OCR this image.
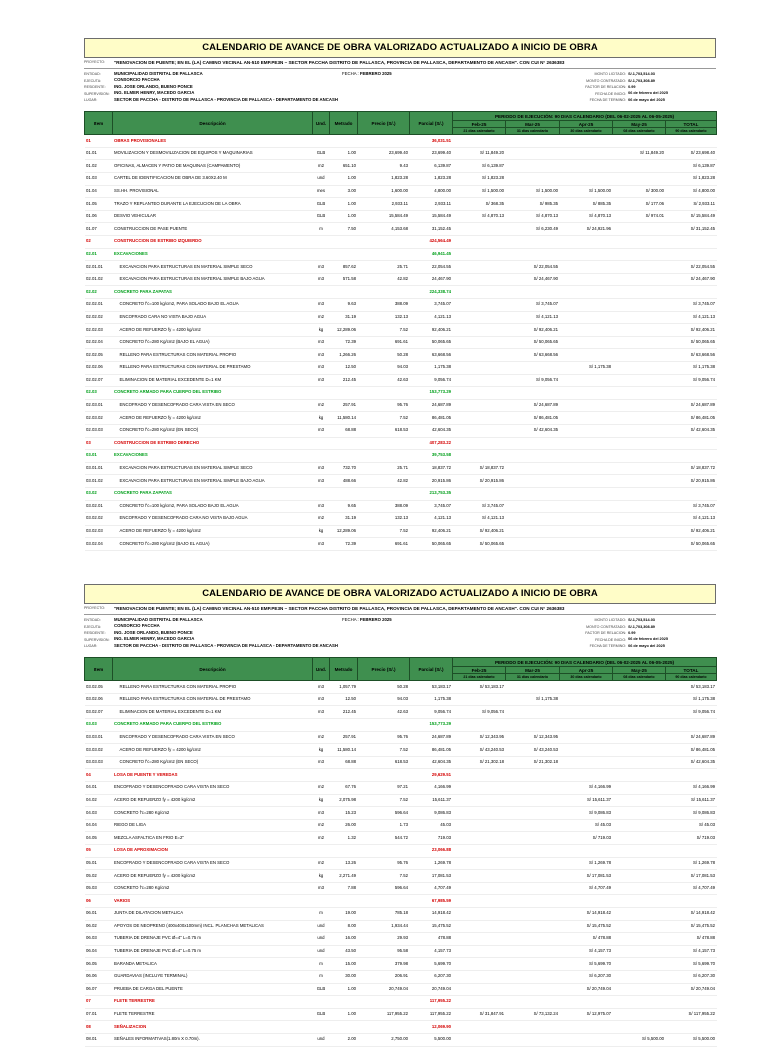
CALENDARIO DE AVANCE DE OBRA VALORIZADO ACTUALIZADO A INICIO DE OBRA
PROYECTO:	"RENOVACION DE PUENTE; EN EL (LA) CAMINO VECINAL AN-510 EMP.PE3N – SECTOR PACCHA DISTRITO DE PALLASCA, PROVINCIA DE PALLASCA, DEPARTAMENTO DE ANCASH". CON CUI N° 2636383
ENTIDAD:	MUNICIPALIDAD DISTRITAL DE PALLASCA
EJECUTA:	CONSORCIO PACCHA
RESIDENTE:	ING. JOSE ORLANDO, BUENO PONCE
SUPERVISION:	ING. ELMER HENRY, MACEDO GARCIA
LUGAR:	SECTOR DE PACCHA - DISTRITO DE PALLASCA - PROVINCIA DE PALLASCA - DEPARTAMENTO DE ANCASH
FECHA : FEBRERO 2025	MONTO LICITADO: S/.1,703,514.03
MONTO CONTRATADO: S/.1,703,308.89
FACTOR DE RELACION: 0.99
FECHA DE INICIO: 06 de febrero del 2025
FECHA DE TERMINO: 06 de mayo del 2025
Item	Descripción	Und.	Metrado	Precio (S/.)	Parcial (S/.)	PERIODO DE EJECUCIÓN: 90 DIAS CALENDARIO (DEL 06-02-2025 AL 06-05-2025)				
						Feb-25	Mar-25	Apr-25	May-25	TOTAL
						21 dias calendario	31 dias calendario	30 dias calendario	08 dias calendario	90 dias calendario
01	OBRAS PROVISIONALES				36,031.51					
01.01	MOVILIZACION Y DESMOVILIZACION DE EQUIPOS Y MAQUINARIAS	GLB	1.00	23,699.40	23,699.40	S/ 11,849.20			S/ 11,849.20	S/ 23,698.40
01.02	OFICINAS, ALMACEN Y PATIO DE MAQUINAS (CAMPAMENTO)	m2	651.10	9.43	6,139.87	S/ 6,139.87				S/ 6,139.87
01.03	CARTEL DE IDENTIFICACION DE OBRA DE 3.60X2.40 M	und	1.00	1,823.28	1,823.28	S/ 1,823.28				S/ 1,823.28
01.04	SS.HH. PROVISIONAL	mes	3.00	1,600.00	4,800.00	S/ 1,500.00	S/ 1,500.00	S/ 1,500.00	S/ 300.00	S/ 4,800.00
01.05	TRAZO Y REPLANTEO DURANTE LA EJECUCION DE LA OBRA	GLB	1.00	2,933.11	2,933.11	S/ 368.35	S/ 985.35	S/ 885.35	S/ 177.06	S/ 2,933.11
01.06	DESVIO VEHICULAR	GLB	1.00	15,584.49	15,584.49	S/ 4,870.13	S/ 4,870.13	S/ 4,870.13	S/ 974.01	S/ 15,584.49
01.07	CONSTRUCCION DE PASE PUENTE	m	7.50	4,153.68	31,152.45		S/ 6,230.49	S/ 24,921.96		S/ 31,152.45
02	CONSTRUCCION DE ESTRIBO IZQUIERDO				424,564.49					
02.01	EXCAVACIONES				46,941.45					
02.01.01	EXCAVACION PARA ESTRUCTURAS EN MATERIAL SIMPLE SECO	m3	857.62	25.71	22,054.55		S/ 22,054.55			S/ 22,054.55
02.01.02	EXCAVACION PARA ESTRUCTURAS EN MATERIAL SIMPLE BAJO AGUA	m3	571.58	42.82	24,467.90		S/ 24,467.90			S/ 24,467.90
02.02	CONCRETO PARA ZAPATAS				224,338.74					
02.02.01	CONCRETO f'c=100 kg/cm2, PARA SOLADO BAJO EL AGUA	m3	9.63	388.09	3,745.07		S/ 3,745.07			S/ 3,745.07
02.02.02	ENCOFRADO CARA NO VISTA BAJO AGUA	m2	31.19	132.13	4,121.13		S/ 4,121.13			S/ 4,121.13
02.02.03	ACERO DE REFUERZO fy = 4200 kg/cm2	kg	12,289.06	7.52	92,406.21		S/ 92,406.21			S/ 92,406.21
02.02.04	CONCRETO f'c=280 Kg/cm2 (BAJO EL AGUA)	m3	72.39	691.61	50,065.65		S/ 50,065.65			S/ 50,065.65
02.02.05	RELLENO PARA ESTRUCTURAS CON MATERIAL PROPIO	m3	1,266.26	50.28	63,668.56		S/ 63,668.56			S/ 63,668.56
02.02.06	RELLENO PARA ESTRUCTURAS CON MATERIAL DE PRESTAMO	m3	12.50	94.03	1,175.38			S/ 1,175.38		S/ 1,175.38
02.02.07	ELIMINACION DE MATERIAL EXCEDENTE D=1 KM	m3	212.45	42.63	9,056.74		S/ 9,056.74			S/ 9,056.74
02.03	CONCRETO ARMADO PARA CUERPO DEL ESTRIBO				153,773.29					
02.03.01	ENCOFRADO Y DESENCOFRADO CARA VISTA EN SECO	m2	257.91	95.76	24,687.89		S/ 24,687.89			S/ 24,687.89
02.03.02	ACERO DE REFUERZO fy = 4200 kg/cm2	kg	11,580.14	7.52	86,481.05		S/ 86,481.05			S/ 86,481.05
02.03.03	CONCRETO f'c=280 Kg/cm2 (EN SECO)	m3	68.88	618.53	42,604.35		S/ 42,604.35			S/ 42,604.35
03	CONSTRUCCION DE ESTRIBO DERECHO				407,283.22					
03.01	EXCAVACIONES				39,753.58					
03.01.01	EXCAVACION PARA ESTRUCTURAS EN MATERIAL SIMPLE SECO	m3	732.70	25.71	18,837.72	S/ 18,837.72				S/ 18,837.72
03.01.02	EXCAVACION PARA ESTRUCTURAS EN MATERIAL SIMPLE BAJO AGUA	m3	488.66	42.82	20,915.86	S/ 20,915.86				S/ 20,915.86
03.02	CONCRETO PARA ZAPATAS				213,753.35					
03.02.01	CONCRETO f'c=100 kg/cm2, PARA SOLADO BAJO EL AGUA	m3	9.65	388.09	3,745.07	S/ 3,745.07				S/ 3,745.07
03.02.02	ENCOFRADO Y DESENCOFRADO CARA NO VISTA BAJO AGUA	m2	31.19	132.13	4,121.13	S/ 4,121.13				S/ 4,121.13
03.02.03	ACERO DE REFUERZO fy = 4200 kg/cm2	kg	12,289.06	7.52	92,406.21	S/ 92,406.21				S/ 92,406.21
03.02.04	CONCRETO f'c=280 Kg/cm2 (BAJO EL AGUA)	m3	72.39	691.61	50,065.65	S/ 50,065.65				S/ 50,065.65
CALENDARIO DE AVANCE DE OBRA VALORIZADO ACTUALIZADO A INICIO DE OBRA
PROYECTO:	"RENOVACION DE PUENTE; EN EL (LA) CAMINO VECINAL AN-510 EMP.PE3N – SECTOR PACCHA DISTRITO DE PALLASCA, PROVINCIA DE PALLASCA, DEPARTAMENTO DE ANCASH". CON CUI N° 2636383
ENTIDAD:	MUNICIPALIDAD DISTRITAL DE PALLASCA
EJECUTA:	CONSORCIO PACCHA
RESIDENTE:	ING. JOSE ORLANDO, BUENO PONCE
SUPERVISION:	ING. ELMER HENRY, MACEDO GARCIA
LUGAR:	SECTOR DE PACCHA - DISTRITO DE PALLASCA - PROVINCIA DE PALLASCA - DEPARTAMENTO DE ANCASH
FECHA : FEBRERO 2025	MONTO LICITADO: S/.1,703,514.03
MONTO CONTRATADO: S/.1,703,308.89
FACTOR DE RELACION: 0.99
FECHA DE INICIO: 06 de febrero del 2025
FECHA DE TERMINO: 06 de mayo del 2025
Item	Descripción	Und.	Metrado	Precio (S/.)	Parcial (S/.)	PERIODO DE EJECUCIÓN: 90 DIAS CALENDARIO (DEL 06-02-2025 AL 06-05-2025)				
						Feb-25	Mar-25	Apr-25	May-25	TOTAL
						21 dias calendario	31 dias calendario	30 dias calendario	08 dias calendario	90 dias calendario
03.02.05	RELLENO PARA ESTRUCTURAS CON MATERIAL PROPIO	m3	1,057.79	50.28	53,183.17	S/ 53,183.17				S/ 53,183.17
03.02.06	RELLENO PARA ESTRUCTURAS CON MATERIAL DE PRESTAMO	m3	12.50	94.03	1,175.38		S/ 1,175.38			S/ 1,175.38
03.02.07	ELIMINACION DE MATERIAL EXCEDENTE D=1 KM	m3	212.45	42.63	9,056.74	S/ 9,056.74				S/ 9,056.74
03.03	CONCRETO ARMADO PARA CUERPO DEL ESTRIBO				153,773.29					
03.03.01	ENCOFRADO Y DESENCOFRADO CARA VISTA EN SECO	m2	257.91	95.76	24,687.89	S/ 12,343.95	S/ 12,343.95			S/ 24,687.89
03.03.02	ACERO DE REFUERZO fy = 4200 kg/cm2	kg	11,580.14	7.52	86,481.05	S/ 43,240.53	S/ 43,240.53			S/ 86,481.05
03.03.03	CONCRETO f'c=280 Kg/cm2 (EN SECO)	m3	68.88	618.53	42,604.35	S/ 21,302.18	S/ 21,302.18			S/ 42,604.35
04	LOSA DE PUENTE Y VEREDAS				29,629.51					
04.01	ENCOFRADO Y DESENCOFRADO CARA VISTA EN SECO	m2	67.76	97.21	4,166.99			S/ 4,166.99		S/ 4,166.99
04.02	ACERO DE REFUERZO fy = 4200 kg/cm2	kg	2,075.98	7.52	15,611.37			S/ 15,611.37		S/ 15,611.37
04.03	CONCRETO f'c=280 Kg/cm2	m3	15.23	596.64	9,086.83			S/ 9,086.83		S/ 9,086.83
04.04	RIEGO DE LIGA	m2	26.00	1.73	45.03			S/ 45.03		S/ 45.03
04.05	MEZCLA ASFALTICA EN FRIO E=2"	m2	1.32	544.72	719.03			S/ 719.03		S/ 719.03
05	LOSA DE APROXIMACION				23,066.88					
05.01	ENCOFRADO Y DESENCOFRADO CARA VISTA EN SECO	m2	13.26	95.76	1,269.78			S/ 1,269.78		S/ 1,269.78
05.02	ACERO DE REFUERZO fy = 4200 kg/cm2	kg	2,271.49	7.52	17,081.53			S/ 17,081.53		S/ 17,081.53
05.03	CONCRETO f'c=280 Kg/cm2	m3	7.88	596.64	4,707.49			S/ 4,707.49		S/ 4,707.49
06	VARIOS				67,985.59					
06.01	JUNTA DE DILATACION METALICA	m	19.00	785.18	14,918.42			S/ 14,918.42		S/ 14,918.42
06.02	APOYOS DE NEOPRENO (400x400x100mm) INCL. PLANCHAS METALICAS	und	8.00	1,934.44	15,475.52			S/ 15,475.52		S/ 15,475.52
06.03	TUBERIA DE DRENAJE PVC Ø=4" L=0.75 m	und	16.00	29.93	478.88			S/ 478.88		S/ 478.88
06.04	TUBERIA DE DRENAJE PVC Ø=4" L=0.75 m	und	43.50	95.58	4,157.73			S/ 4,157.73		S/ 4,157.73
06.05	BARANDA METALICA	m	15.00	379.98	5,699.70			S/ 5,699.70		S/ 5,699.70
06.06	GUARDAVIAS (INCLUYE TERMINAL)	m	30.00	206.91	6,207.30			S/ 6,207.30		S/ 6,207.30
06.07	PRUEBA DE CARGA DEL PUENTE	GLB	1.00	20,749.04	20,749.04			S/ 20,749.04		S/ 20,749.04
07	FLETE TERRESTRE				117,955.22					
07.01	FLETE TERRESTRE	GLB	1.00	117,955.22	117,955.22	S/ 31,847.91	S/ 73,132.24	S/ 12,975.07		S/ 117,955.22
08	SEÑALIZACION				12,069.90					
08.01	SEÑALES INFORMATIVAS(1.80m X 0.70m).	und	2.00	2,750.00	5,500.00				S/ 5,500.00	S/ 5,500.00
